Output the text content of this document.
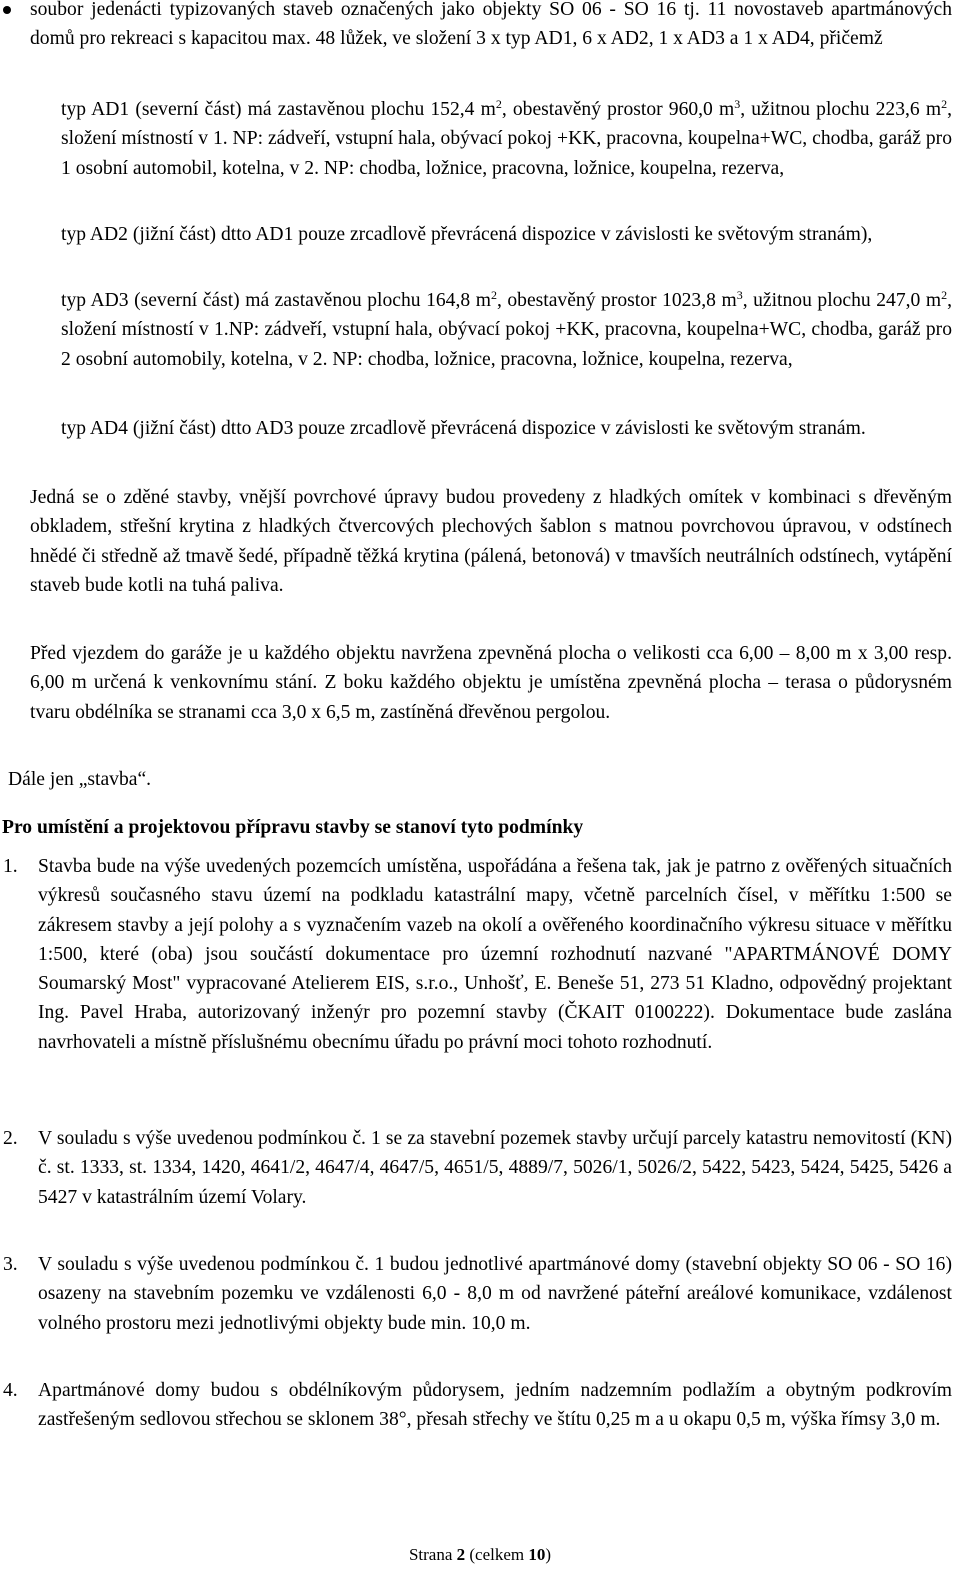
soubor jedenácti typizovaných staveb označených jako objekty SO 06 - SO 16 tj. 11 novostaveb apartmánových domů pro rekreaci s kapacitou max. 48 lůžek, ve složení 3 x typ AD1, 6 x AD2, 1 x AD3 a 1 x AD4, přičemž
typ AD1 (severní část) má zastavěnou plochu 152,4 $m^2$, obestavěný prostor 960,0 $m^3$, užitnou plochu 223,6 $m^2$, složení místností v 1. NP: zádveří, vstupní hala, obývací pokoj +KK, pracovna, koupelna+WC, chodba, garáž pro 1 osobní automobil, kotelna, v 2. NP: chodba, ložnice, pracovna, ložnice, koupelna, rezerva,
typ AD2 (jižní část) dtto AD1 pouze zrcadlově převrácená dispozice v závislosti ke světovým stranám),
typ AD3 (severní část) má zastavěnou plochu 164,8 $m^2$, obestavěný prostor 1023,8 $m^3$, užitnou plochu 247,0 $m^2$, složení místností v 1.NP: zádveří, vstupní hala, obývací pokoj +KK, pracovna, koupelna+WC, chodba, garáž pro 2 osobní automobily, kotelna, v 2. NP: chodba, ložnice, pracovna, ložnice, koupelna, rezerva,
typ AD4 (jižní část) dtto AD3 pouze zrcadlově převrácená dispozice v závislosti ke světovým stranám.
Jedná se o zděné stavby, vnější povrchové úpravy budou provedeny z hladkých omítek v kombinaci s dřevěným obkladem, střešní krytina z hladkých čtvercových plechových šablon s matnou povrchovou úpravou, v odstínech hnědé či středně až tmavě šedé, případně těžká krytina (pálená, betonová) v tmavších neutrálních odstínech, vytápění staveb bude kotli na tuhá paliva.
Před vjezdem do garáže je u každého objektu navržena zpevněná plocha o velikosti cca 6,00 – 8,00 m x 3,00 resp. 6,00 m určená k venkovnímu stání. Z boku každého objektu je umístěna zpevněná plocha – terasa o půdorysném tvaru obdélníka se stranami cca 3,0 x 6,5 m, zastíněná dřevěnou pergolou.
Dále jen „stavba“.
Pro umístění a projektovou přípravu stavby se stanoví tyto podmínky
1. Stavba bude na výše uvedených pozemcích umístěna, uspořádána a řešena tak, jak je patrno z ověřených situačních výkresů současného stavu území na podkladu katastrální mapy, včetně parcelních čísel, v měřítku 1:500 se zákresem stavby a její polohy a s vyznačením vazeb na okolí a ověřeného koordinačního výkresu situace v měřítku 1:500, které (oba) jsou součástí dokumentace pro územní rozhodnutí nazvané "APARTMÁNOVÉ DOMY Soumarský Most" vypracované Atelierem EIS, s.r.o., Unhošť, E. Beneše 51, 273 51 Kladno, odpovědný projektant Ing. Pavel Hraba, autorizovaný inženýr pro pozemní stavby (ČKAIT 0100222). Dokumentace bude zaslána navrhovateli a místně příslušnému obecnímu úřadu po právní moci tohoto rozhodnutí.
2. V souladu s výše uvedenou podmínkou č. 1 se za stavební pozemek stavby určují parcely katastru nemovitostí (KN) č. st. 1333, st. 1334, 1420, 4641/2, 4647/4, 4647/5, 4651/5, 4889/7, 5026/1, 5026/2, 5422, 5423, 5424, 5425, 5426 a 5427 v katastrálním území Volary.
3. V souladu s výše uvedenou podmínkou č. 1 budou jednotlivé apartmánové domy (stavební objekty SO 06 - SO 16) osazeny na stavebním pozemku ve vzdálenosti 6,0 - 8,0 m od navržené páteřní areálové komunikace, vzdálenost volného prostoru mezi jednotlivými objekty bude min. 10,0 m.
4. Apartmánové domy budou s obdélníkovým půdorysem, jedním nadzemním podlažím a obytným podkrovím zastřešeným sedlovou střechou se sklonem 38°, přesah střechy ve štítu 0,25 m a u okapu 0,5 m, výška římsy 3,0 m.
Strana 2 (celkem 10)
